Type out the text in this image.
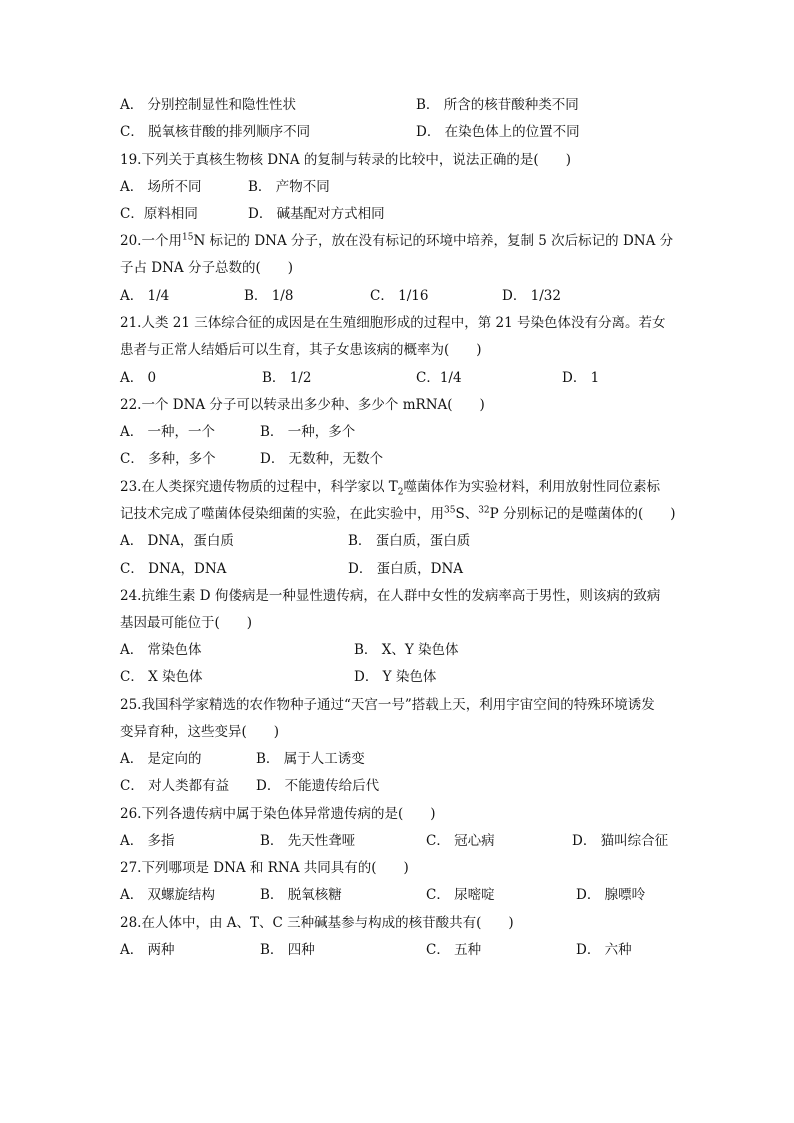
A． 分别控制显性和隐性性状	B． 所含的核苷酸种类不同
C． 脱氧核苷酸的排列顺序不同	D． 在染色体上的位置不同
19.下列关于真核生物核 DNA 的复制与转录的比较中，说法正确的是(　　)
A． 场所不同	B． 产物不同
C．原料相同	D． 碱基配对方式相同
20.一个用$^{15}$N 标记的 DNA 分子，放在没有标记的环境中培养，复制 5 次后标记的 DNA 分
子占 DNA 分子总数的(　　)
A． 1/4	B． 1/8	C． 1/16	D． 1/32
21.人类 21 三体综合征的成因是在生殖细胞形成的过程中，第 21 号染色体没有分离。若女
患者与正常人结婚后可以生育，其子女患该病的概率为(　　)
A． 0	B． 1/2	C．1/4	D． 1
22.一个 DNA 分子可以转录出多少种、多少个 mRNA(　　)
A． 一种，一个	B． 一种，多个
C． 多种，多个	D． 无数种，无数个
23.在人类探究遗传物质的过程中，科学家以 $T_2$噬菌体作为实验材料，利用放射性同位素标
记技术完成了噬菌体侵染细菌的实验，在此实验中，用$^{35}$S、$^{32}$P 分别标记的是噬菌体的(　　)
A． DNA，蛋白质	B． 蛋白质，蛋白质
C． DNA，DNA	D． 蛋白质，DNA
24.抗维生素 D 佝偻病是一种显性遗传病，在人群中女性的发病率高于男性，则该病的致病
基因最可能位于(　　)
A． 常染色体	B． X、Y 染色体
C． X 染色体	D． Y 染色体
25.我国科学家精选的农作物种子通过“天宫一号”搭载上天，利用宇宙空间的特殊环境诱发
变异育种，这些变异(　　)
A． 是定向的	B． 属于人工诱变
C． 对人类都有益 D． 不能遗传给后代
26.下列各遗传病中属于染色体异常遗传病的是(　　)
A． 多指	B． 先天性聋哑	C． 冠心病	D． 猫叫综合征
27.下列哪项是 DNA 和 RNA 共同具有的(　　)
A． 双螺旋结构	B． 脱氧核糖	C． 尿嘧啶	D． 腺嘌呤
28.在人体中，由 A、T、C 三种碱基参与构成的核苷酸共有(　　)
A． 两种	B． 四种	C． 五种	D． 六种
